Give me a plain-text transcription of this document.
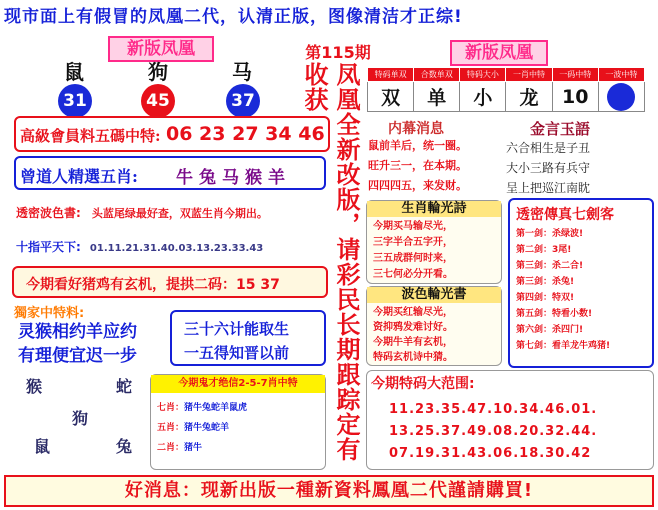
现市面上有假冒的凤凰二代，认清正版，图像清洁才正综!
新版凤凰	第115期	新版凤凰
鼠	狗	马
31	45	37
特码单双	合数单双	特码大小	一肖中特	一码中特	一波中特
双	单	小	龙	10	
高級會員料五碼中特: 06 23 27 34 46
曾道人精選五肖: 牛兔马猴羊
透密波色書: 头蓝尾绿最好查，双蓝生肖今期出。
十指平天下: 01.11.21.31.40.03.13.23.33.43
今期看好猪鸡有玄机，提拱二码：15 37
獨家中特料:
灵猴相约羊应约
有理便宜迟一步
三十六计能取生
一五得知晋以前
猴	蛇
狗
鼠	兔
今期鬼才绝信2-5-7肖中特
七肖：猪牛兔蛇羊鼠虎
五肖：猪牛兔蛇羊
二肖：猪牛	凤凰全新改版，请彩民长期跟踪定有收获
内幕消息
鼠前羊后，统一圈。
旺升三一，在本期。
四四四五，来发财。
金言玉語
六合相生是子丑
大小三路有兵守
呈上把巡江南眈
生肖輪光詩
今期买马输尽光，
三字半合五字开，
三五成群何时来，
三七何必分开看。
波色輪光書
今期买红输尽光，
资抑鸦发难讨好。
今期牛羊有玄机，
特码玄机诗中猜。
透密傳真七劍客
第一剑：杀绿波!
第二剑：3尾!
第三剑：杀二合!
第三剑：杀兔!
第四剑：特双!
第五剑：特看小数!
第六剑：杀四门!
第七剑：看羊龙牛鸡猪!
今期特码大范围:
11.23.35.47.10.34.46.01.
13.25.37.49.08.20.32.44.
07.19.31.43.06.18.30.42
好消息：现新出版一種新資料鳳凰二代謹請購買!
